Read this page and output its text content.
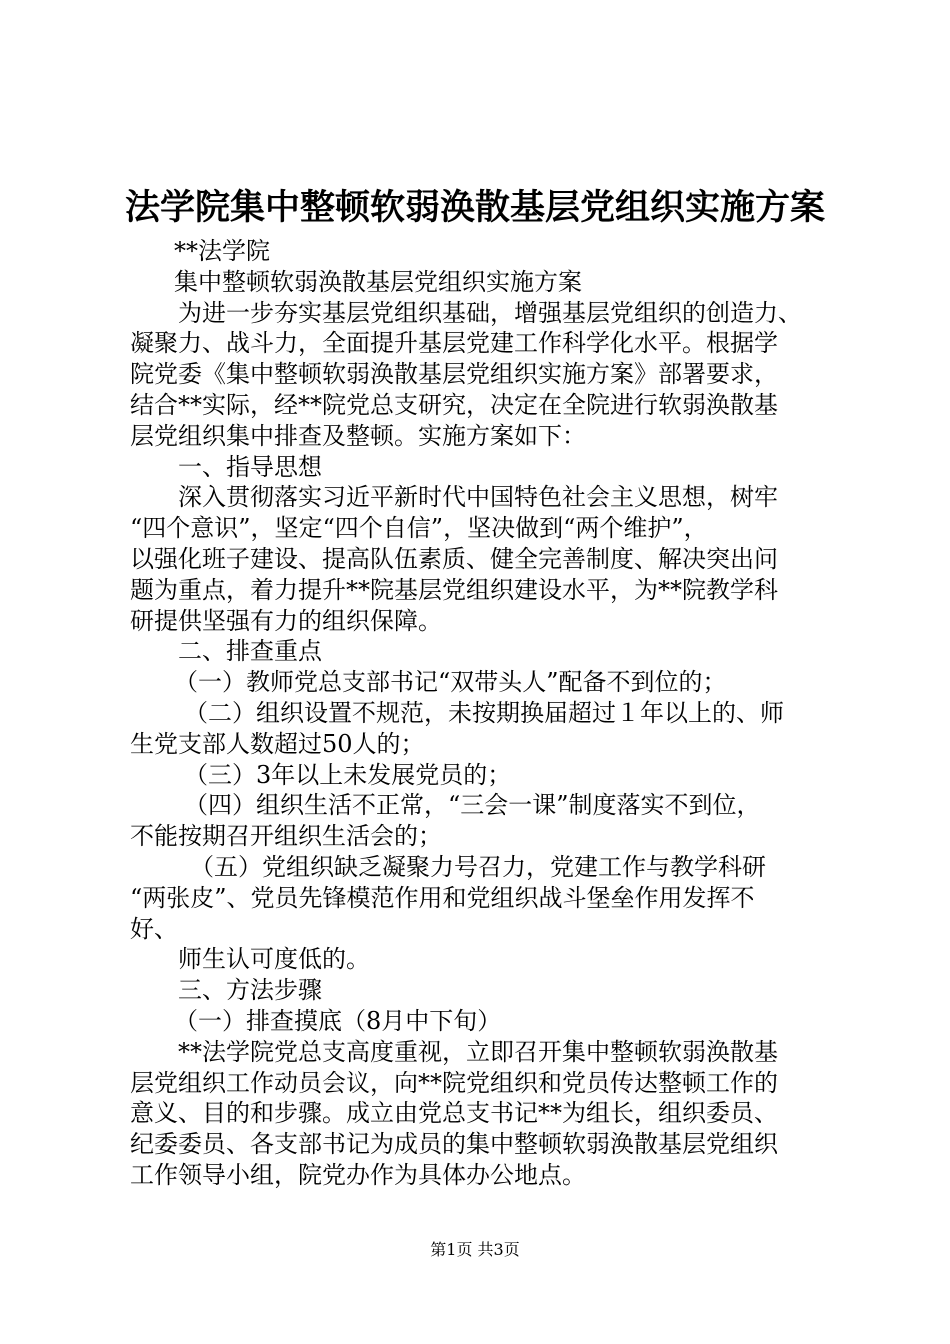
法学院集中整顿软弱涣散基层党组织实施方案
**法学院
集中整顿软弱涣散基层党组织实施方案
为进一步夯实基层党组织基础，增强基层党组织的创造力、
凝聚力、战斗力，全面提升基层党建工作科学化水平。根据学
院党委《集中整顿软弱涣散基层党组织实施方案》部署要求，
结合**实际，经**院党总支研究，决定在全院进行软弱涣散基
层党组织集中排查及整顿。实施方案如下：
一、指导思想
深入贯彻落实习近平新时代中国特色社会主义思想，树牢
“四个意识”，坚定“四个自信”，坚决做到“两个维护”，
以强化班子建设、提高队伍素质、健全完善制度、解决突出问
题为重点，着力提升**院基层党组织建设水平，为**院教学科
研提供坚强有力的组织保障。
二、排查重点
（一）教师党总支部书记“双带头人”配备不到位的；
（二）组织设置不规范，未按期换届超过１年以上的、师
生党支部人数超过50人的；
（三）3年以上未发展党员的；
（四）组织生活不正常，“三会一课”制度落实不到位，
不能按期召开组织生活会的；
（五）党组织缺乏凝聚力号召力，党建工作与教学科研
“两张皮”、党员先锋模范作用和党组织战斗堡垒作用发挥不
好、
师生认可度低的。
三、方法步骤
（一）排查摸底（8月中下旬）
**法学院党总支高度重视，立即召开集中整顿软弱涣散基
层党组织工作动员会议，向**院党组织和党员传达整顿工作的
意义、目的和步骤。成立由党总支书记**为组长，组织委员、
纪委委员、各支部书记为成员的集中整顿软弱涣散基层党组织
工作领导小组，院党办作为具体办公地点。
第1页 共3页
